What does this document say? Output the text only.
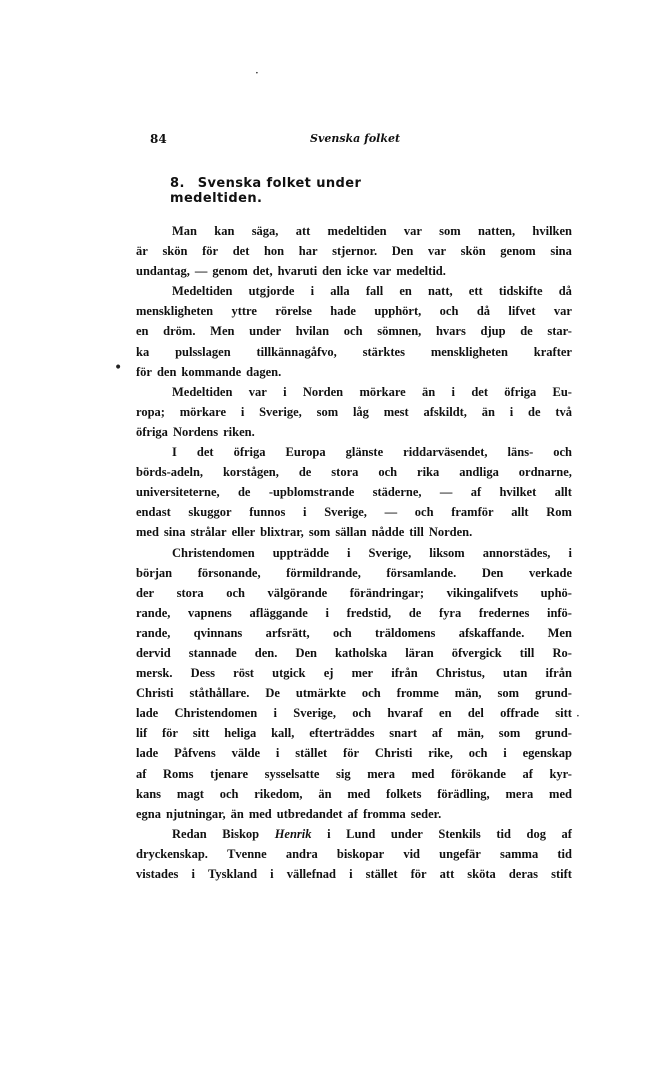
·
84	Svenska folket
8. Svenska folket under medeltiden.
•
·
Man kan säga, att medeltiden var som natten, hvilken
är skön för det hon har stjernor. Den var skön genom sina
undantag, — genom det, hvaruti den icke var medeltid.
Medeltiden utgjorde i alla fall en natt, ett tidskifte då
menskligheten yttre rörelse hade upphört, och då lifvet var
en dröm. Men under hvilan och sömnen, hvars djup de star-
ka pulsslagen tillkännagåfvo, stärktes menskligheten krafter
för den kommande dagen.
Medeltiden var i Norden mörkare än i det öfriga Eu-
ropa; mörkare i Sverige, som låg mest afskildt, än i de två
öfriga Nordens riken.
I det öfriga Europa glänste riddarväsendet, läns- och
börds-adeln, korstågen, de stora och rika andliga ordnarne,
universiteterne, de -upblomstrande städerne, — af hvilket allt
endast skuggor funnos i Sverige, — och framför allt Rom
med sina strålar eller blixtrar, som sällan nådde till Norden.
Christendomen uppträdde i Sverige, liksom annorstädes, i
början försonande, förmildrande, församlande. Den verkade
der stora och välgörande förändringar; vikingalifvets uphö-
rande, vapnens afläggande i fredstid, de fyra fredernes infö-
rande, qvinnans arfsrätt, och träldomens afskaffande. Men
dervid stannade den. Den katholska läran öfvergick till Ro-
mersk. Dess röst utgick ej mer ifrån Christus, utan ifrån
Christi ståthållare. De utmärkte och fromme män, som grund-
lade Christendomen i Sverige, och hvaraf en del offrade sitt
lif för sitt heliga kall, efterträddes snart af män, som grund-
lade Påfvens välde i stället för Christi rike, och i egenskap
af Roms tjenare sysselsatte sig mera med förökande af kyr-
kans magt och rikedom, än med folkets förädling, mera med
egna njutningar, än med utbredandet af fromma seder.
Redan Biskop Henrik i Lund under Stenkils tid dog af
dryckenskap. Tvenne andra biskopar vid ungefär samma tid
vistades i Tyskland i vällefnad i stället för att sköta deras stift
